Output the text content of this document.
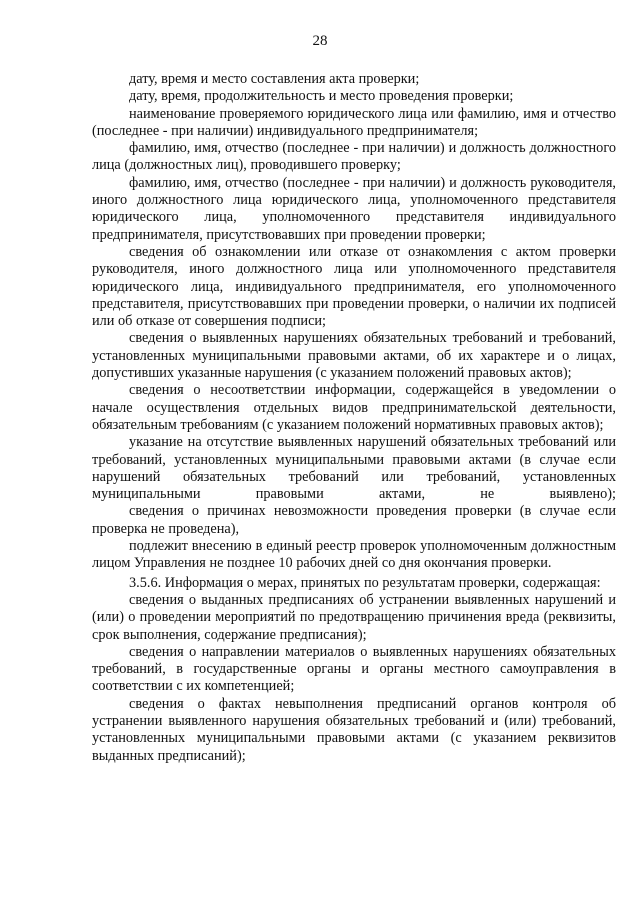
28

дату, время и место составления акта проверки;

дату, время, продолжительность и место проведения проверки;

наименование проверяемого юридического лица или фамилию, имя и отчество (последнее - при наличии) индивидуального предпринимателя;

фамилию, имя, отчество (последнее - при наличии) и должность должностного лица (должностных лиц), проводившего проверку;

фамилию, имя, отчество (последнее - при наличии) и должность руководителя, иного должностного лица юридического лица, уполномоченного представителя юридического лица, уполномоченного представителя индивидуального предпринимателя, присутствовавших при проведении проверки;

сведения об ознакомлении или отказе от ознакомления с актом проверки руководителя, иного должностного лица или уполномоченного представителя юридического лица, индивидуального предпринимателя, его уполномоченного представителя, присутствовавших при проведении проверки, о наличии их подписей или об отказе от совершения подписи;

сведения о выявленных нарушениях обязательных требований и требований, установленных муниципальными правовыми актами, об их характере и о лицах, допустивших указанные нарушения (с указанием положений правовых актов);

сведения о несоответствии информации, содержащейся в уведомлении о начале осуществления отдельных видов предпринимательской деятельности, обязательным требованиям (с указанием положений нормативных правовых актов);

указание на отсутствие выявленных нарушений обязательных требований или требований, установленных муниципальными правовыми актами (в случае если нарушений обязательных требований или требований, установленных муниципальными правовыми актами, не выявлено);

сведения о причинах невозможности проведения проверки (в случае если проверка не проведена),

подлежит внесению в единый реестр проверок уполномоченным должностным лицом Управления не позднее 10 рабочих дней со дня окончания проверки.

3.5.6. Информация о мерах, принятых по результатам проверки, содержащая:

сведения о выданных предписаниях об устранении выявленных нарушений и (или) о проведении мероприятий по предотвращению причинения вреда (реквизиты, срок выполнения, содержание предписания);

сведения о направлении материалов о выявленных нарушениях обязательных требований, в государственные органы и органы местного самоуправления в соответствии с их компетенцией;

сведения о фактах невыполнения предписаний органов контроля об устранении выявленного нарушения обязательных требований и (или) требований, установленных муниципальными правовыми актами (с указанием реквизитов выданных предписаний);
